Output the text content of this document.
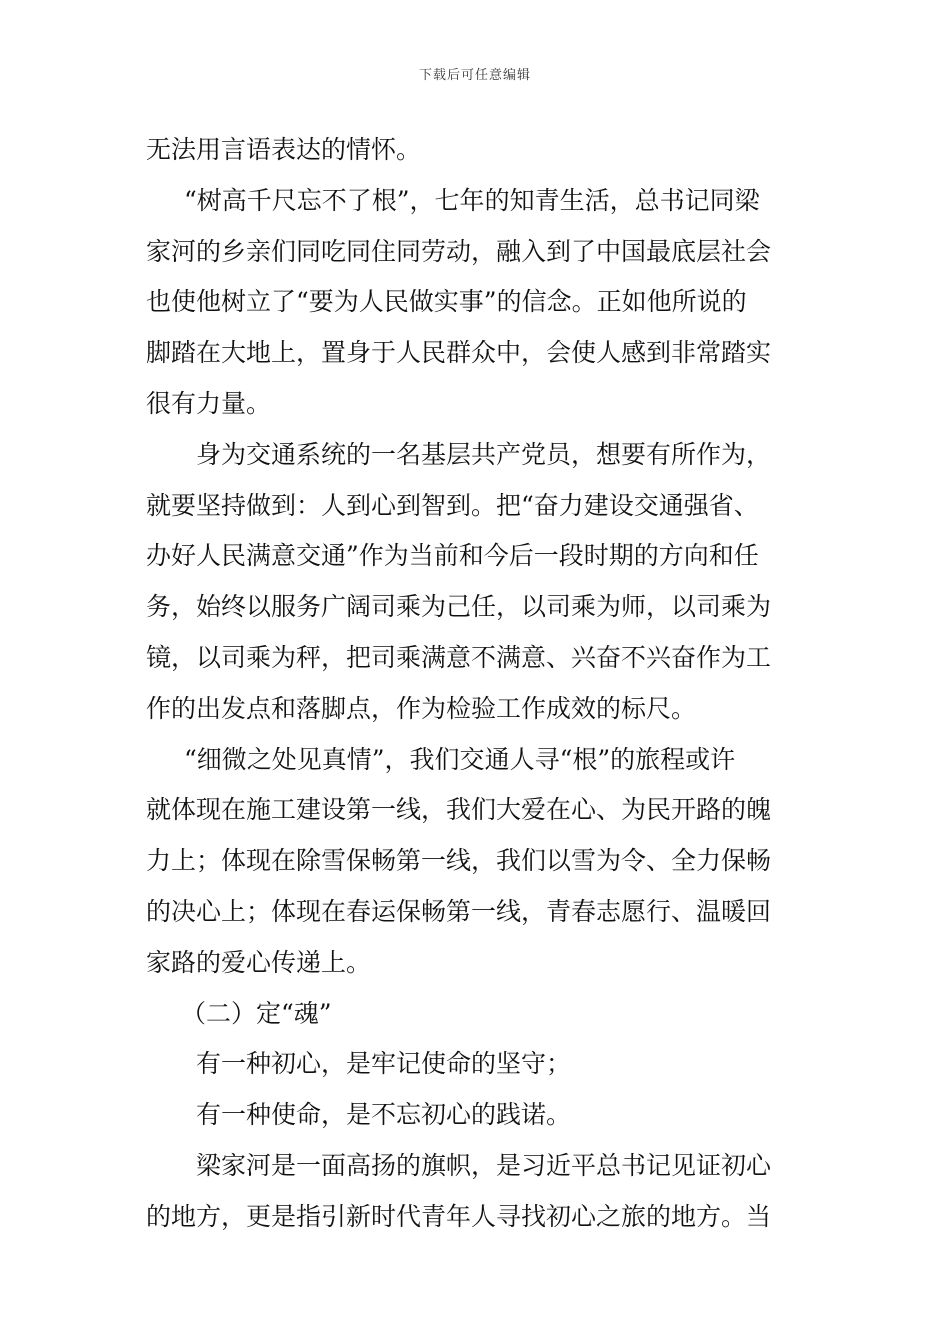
下载后可任意编辑
无法用言语表达的情怀。
“树高千尺忘不了根”，七年的知青生活，总书记同梁
家河的乡亲们同吃同住同劳动，融入到了中国最底层社会
也使他树立了“要为人民做实事”的信念。正如他所说的
脚踏在大地上，置身于人民群众中，会使人感到非常踏实
很有力量。
身为交通系统的一名基层共产党员，想要有所作为，
就要坚持做到：人到心到智到。把“奋力建设交通强省、
办好人民满意交通”作为当前和今后一段时期的方向和任
务，始终以服务广阔司乘为己任，以司乘为师，以司乘为
镜，以司乘为秤，把司乘满意不满意、兴奋不兴奋作为工
作的出发点和落脚点，作为检验工作成效的标尺。
“细微之处见真情”，我们交通人寻“根”的旅程或许
就体现在施工建设第一线，我们大爱在心、为民开路的魄
力上；体现在除雪保畅第一线，我们以雪为令、全力保畅
的决心上；体现在春运保畅第一线，青春志愿行、温暖回
家路的爱心传递上。
（二）定“魂”
有一种初心，是牢记使命的坚守；
有一种使命，是不忘初心的践诺。
梁家河是一面高扬的旗帜，是习近平总书记见证初心
的地方，更是指引新时代青年人寻找初心之旅的地方。当
